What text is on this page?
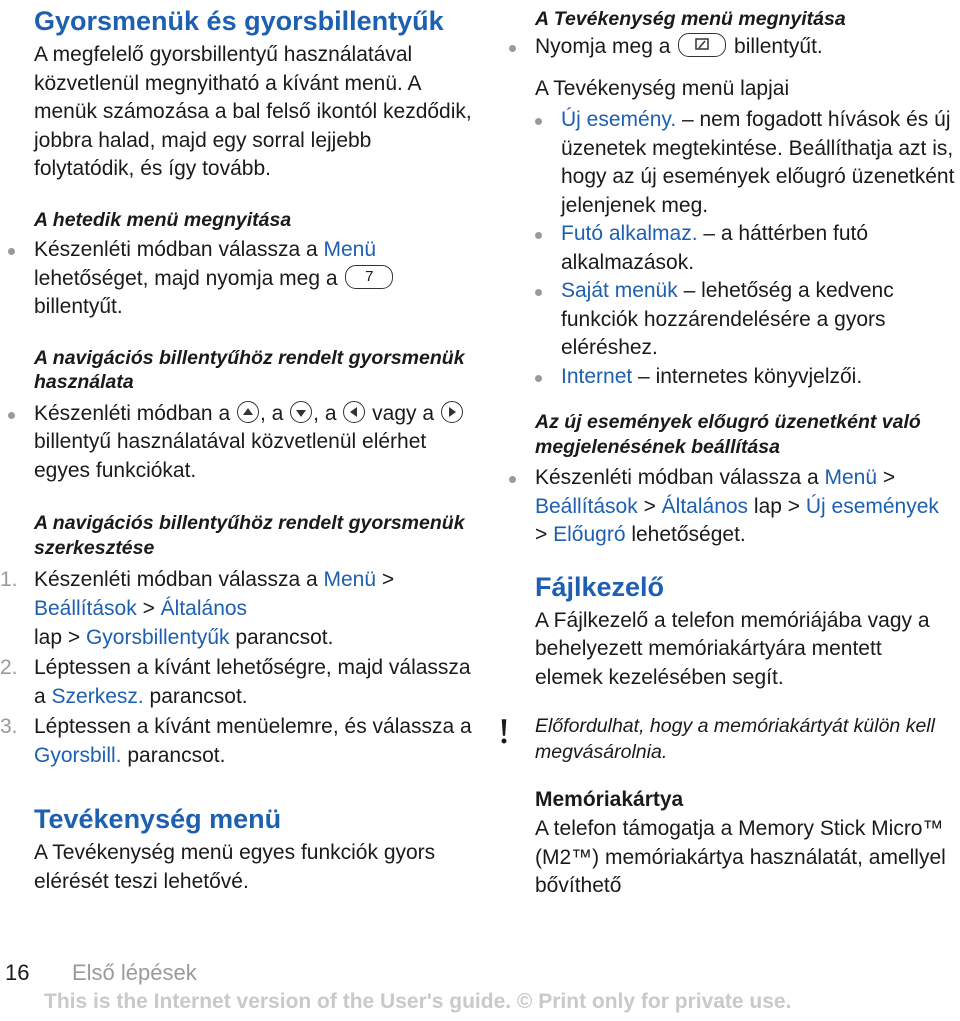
Gyorsmenük és gyorsbillentyűk

A megfelelő gyorsbillentyű használatával közvetlenül megnyitható a kívánt menü. A menük számozása a bal felső ikontól kezdődik, jobbra halad, majd egy sorral lejjebb folytatódik, és így tovább.

A hetedik menü megnyitása

Készenléti módban válassza a Menü lehetőséget, majd nyomja meg a 7 billentyűt.

A navigációs billentyűhöz rendelt gyorsmenük használata

Készenléti módban a
, a
, a
vagy a
billentyű használatával közvetlenül elérhet egyes funkciókat.

A navigációs billentyűhöz rendelt gyorsmenük szerkesztése

1. Készenléti módban válassza a Menü > Beállítások > Általános
lap > Gyorsbillentyűk parancsot.
2. Léptessen a kívánt lehetőségre, majd válassza a Szerkesz. parancsot.
3. Léptessen a kívánt menüelemre, és válassza a Gyorsbill. parancsot.
Tevékenység menü

A Tevékenység menü egyes funkciók gyors elérését teszi lehetővé.

A Tevékenység menü megnyitása

Nyomja meg a  billentyűt.

A Tevékenység menü lapjai

Új esemény. – nem fogadott hívások és új üzenetek megtekintése. Beállíthatja azt is, hogy az új események előugró üzenetként jelenjenek meg.
Futó alkalmaz. – a háttérben futó alkalmazások.
Saját menük – lehetőség a kedvenc funkciók hozzárendelésére a gyors eléréshez.
Internet – internetes könyvjelzői.

Az új események előugró üzenetként való megjelenésének beállítása

Készenléti módban válassza a Menü > Beállítások > Általános lap > Új események > Előugró lehetőséget.
Fájlkezelő

A Fájlkezelő a telefon memóriájába vagy a behelyezett memóriakártyára mentett elemek kezelésében segít.

Előfordulhat, hogy a memóriakártyát külön kell megvásárolnia.

Memóriakártya

A telefon támogatja a Memory Stick Micro™ (M2™) memóriakártya használatát, amellyel bővíthető

16 Első lépések
This is the Internet version of the User's guide. © Print only for private use.
